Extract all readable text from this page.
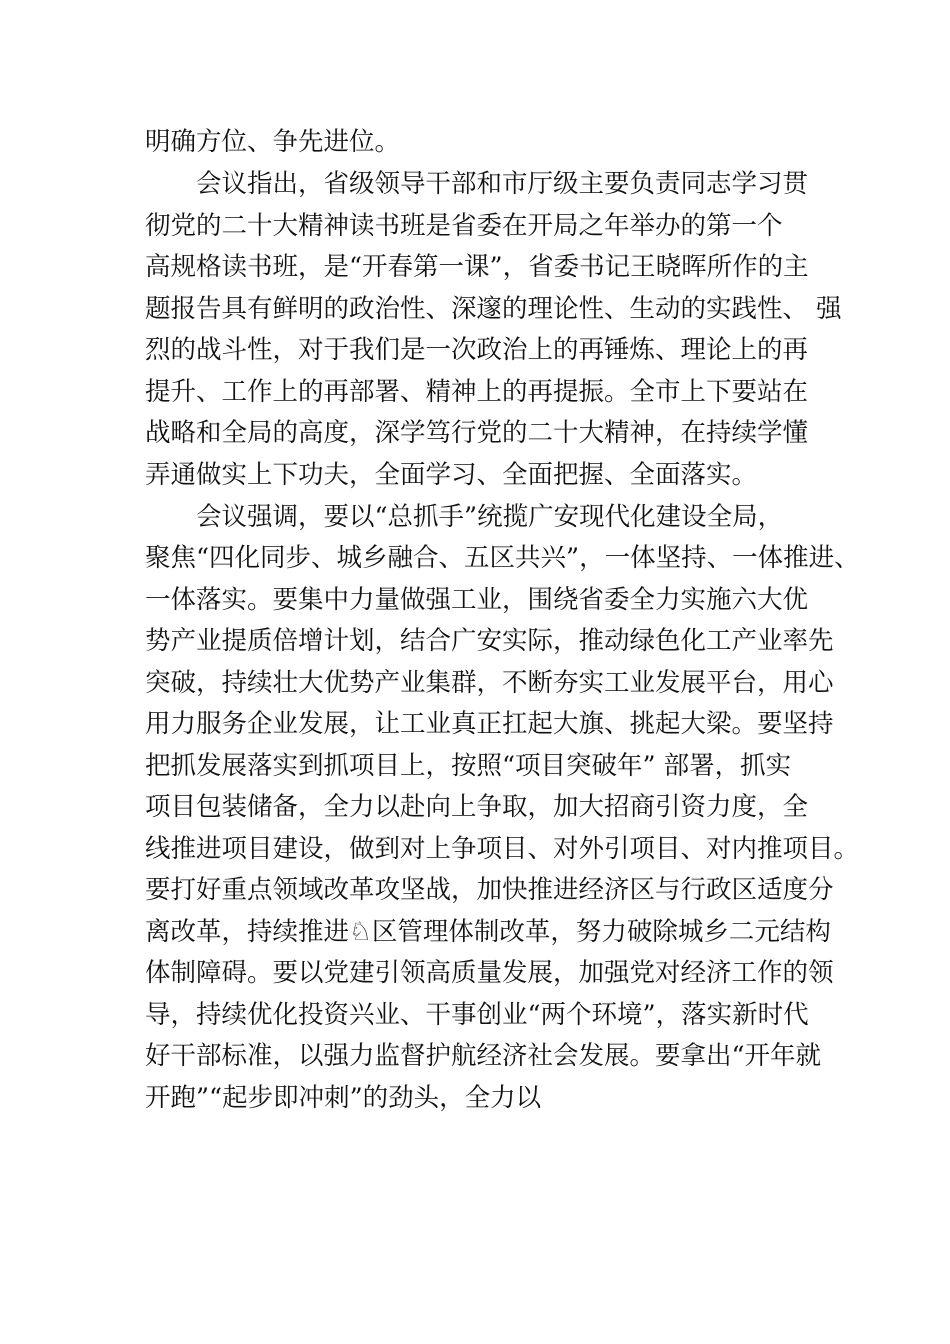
明确方位、争先进位。
会议指出，省级领导干部和市厅级主要负责同志学习贯
彻党的二十大精神读书班是省委在开局之年举办的第一个
高规格读书班，是“开春第一课”，省委书记王晓晖所作的主
题报告具有鲜明的政治性、深邃的理论性、生动的实践性、 强
烈的战斗性，对于我们是一次政治上的再锤炼、理论上的再
提升、工作上的再部署、精神上的再提振。全市上下要站在
战略和全局的高度，深学笃行党的二十大精神，在持续学懂
弄通做实上下功夫，全面学习、全面把握、全面落实。
会议强调，要以“总抓手”统揽广安现代化建设全局，
聚焦“四化同步、城乡融合、五区共兴”，一体坚持、一体推进、
一体落实。要集中力量做强工业，围绕省委全力实施六大优
势产业提质倍增计划，结合广安实际，推动绿色化工产业率先
突破，持续壮大优势产业集群，不断夯实工业发展平台，用心
用力服务企业发展，让工业真正扛起大旗、挑起大梁。要坚持
把抓发展落实到抓项目上，按照“项目突破年” 部署，抓实
项目包装储备，全力以赴向上争取，加大招商引资力度，全
线推进项目建设，做到对上争项目、对外引项目、对内推项目。
要打好重点领域改革攻坚战，加快推进经济区与行政区适度分
离改革，持续推进♘区管理体制改革，努力破除城乡二元结构
体制障碍。要以党建引领高质量发展，加强党对经济工作的领
导，持续优化投资兴业、干事创业“两个环境”，落实新时代
好干部标准，以强力监督护航经济社会发展。要拿出“开年就
开跑”“起步即冲刺”的劲头，全力以
